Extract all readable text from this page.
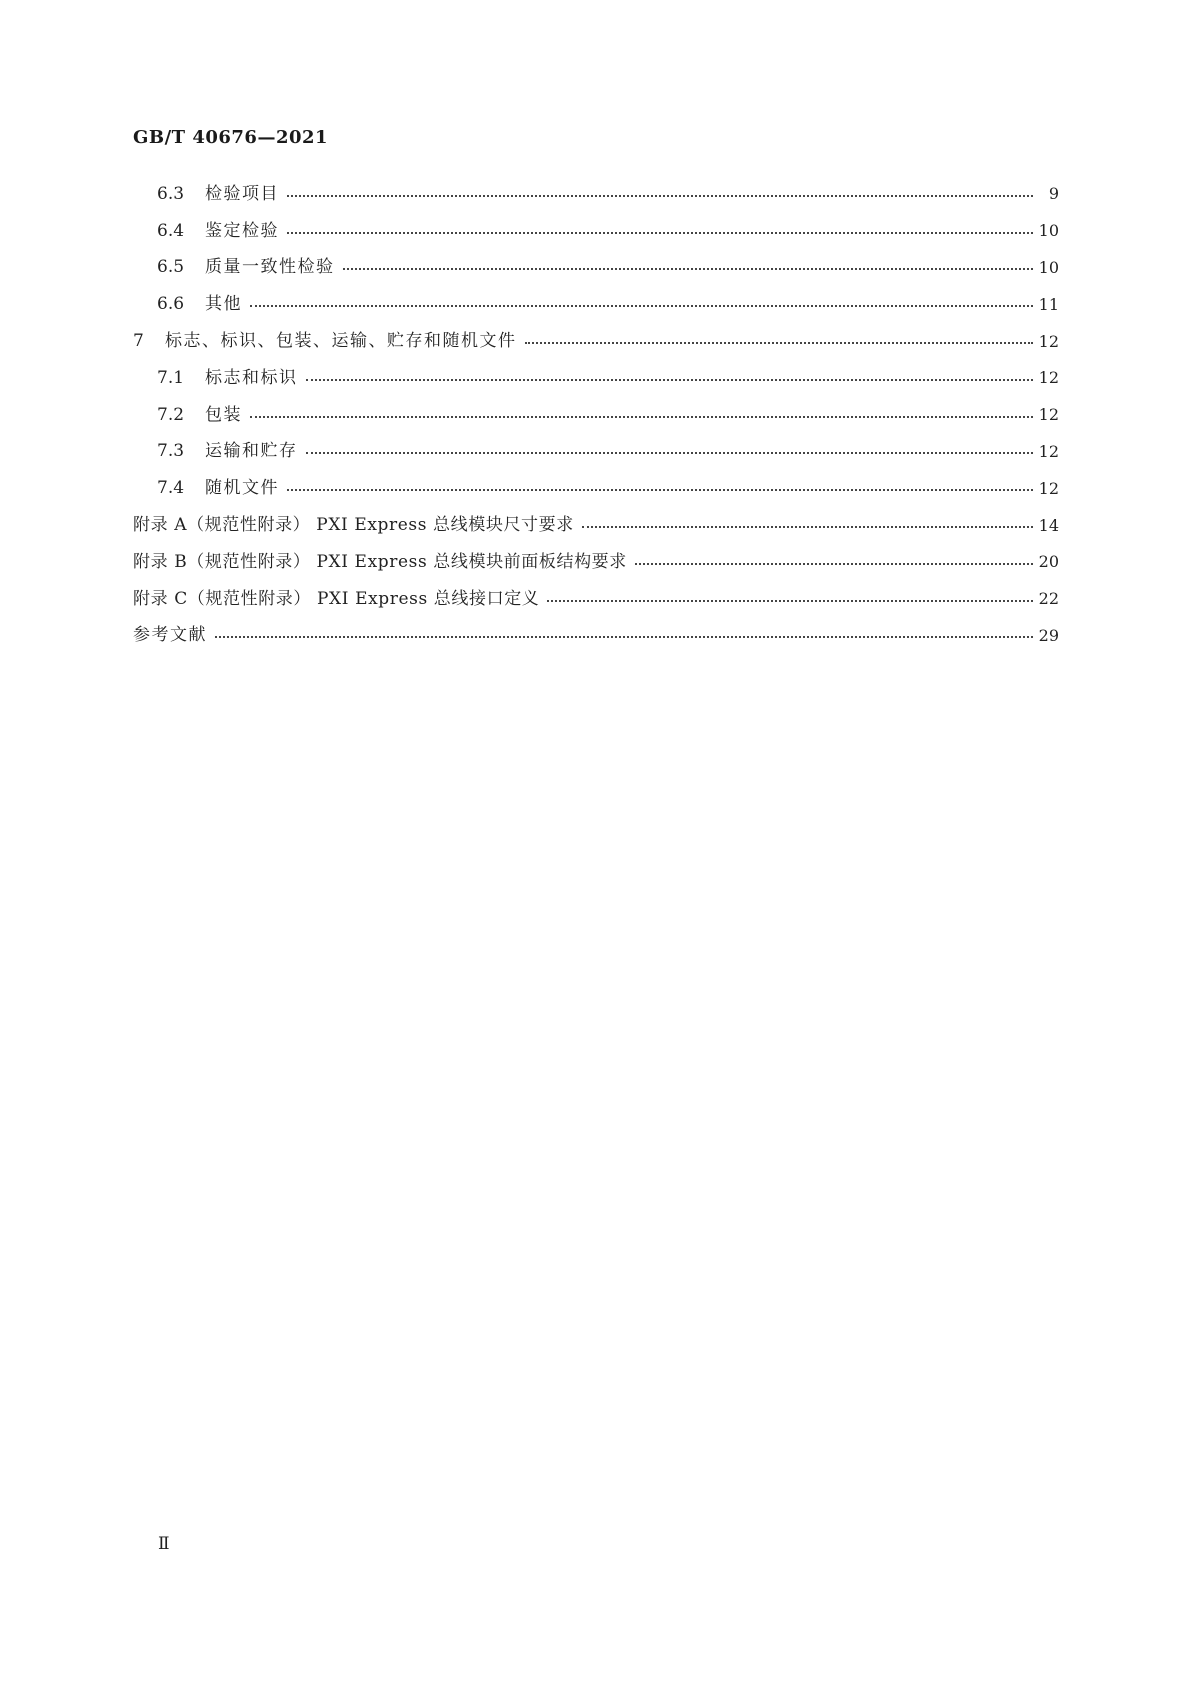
GB/T 40676—2021
6.3	检验项目	9
6.4	鉴定检验	10
6.5	质量一致性检验	10
6.6	其他	11
7	标志、标识、包装、运输、贮存和随机文件	12
7.1	标志和标识	12
7.2	包装	12
7.3	运输和贮存	12
7.4	随机文件	12
附录 A（规范性附录） PXI Express 总线模块尺寸要求	14
附录 B（规范性附录） PXI Express 总线模块前面板结构要求	20
附录 C（规范性附录） PXI Express 总线接口定义	22
参考文献	29
Ⅱ
